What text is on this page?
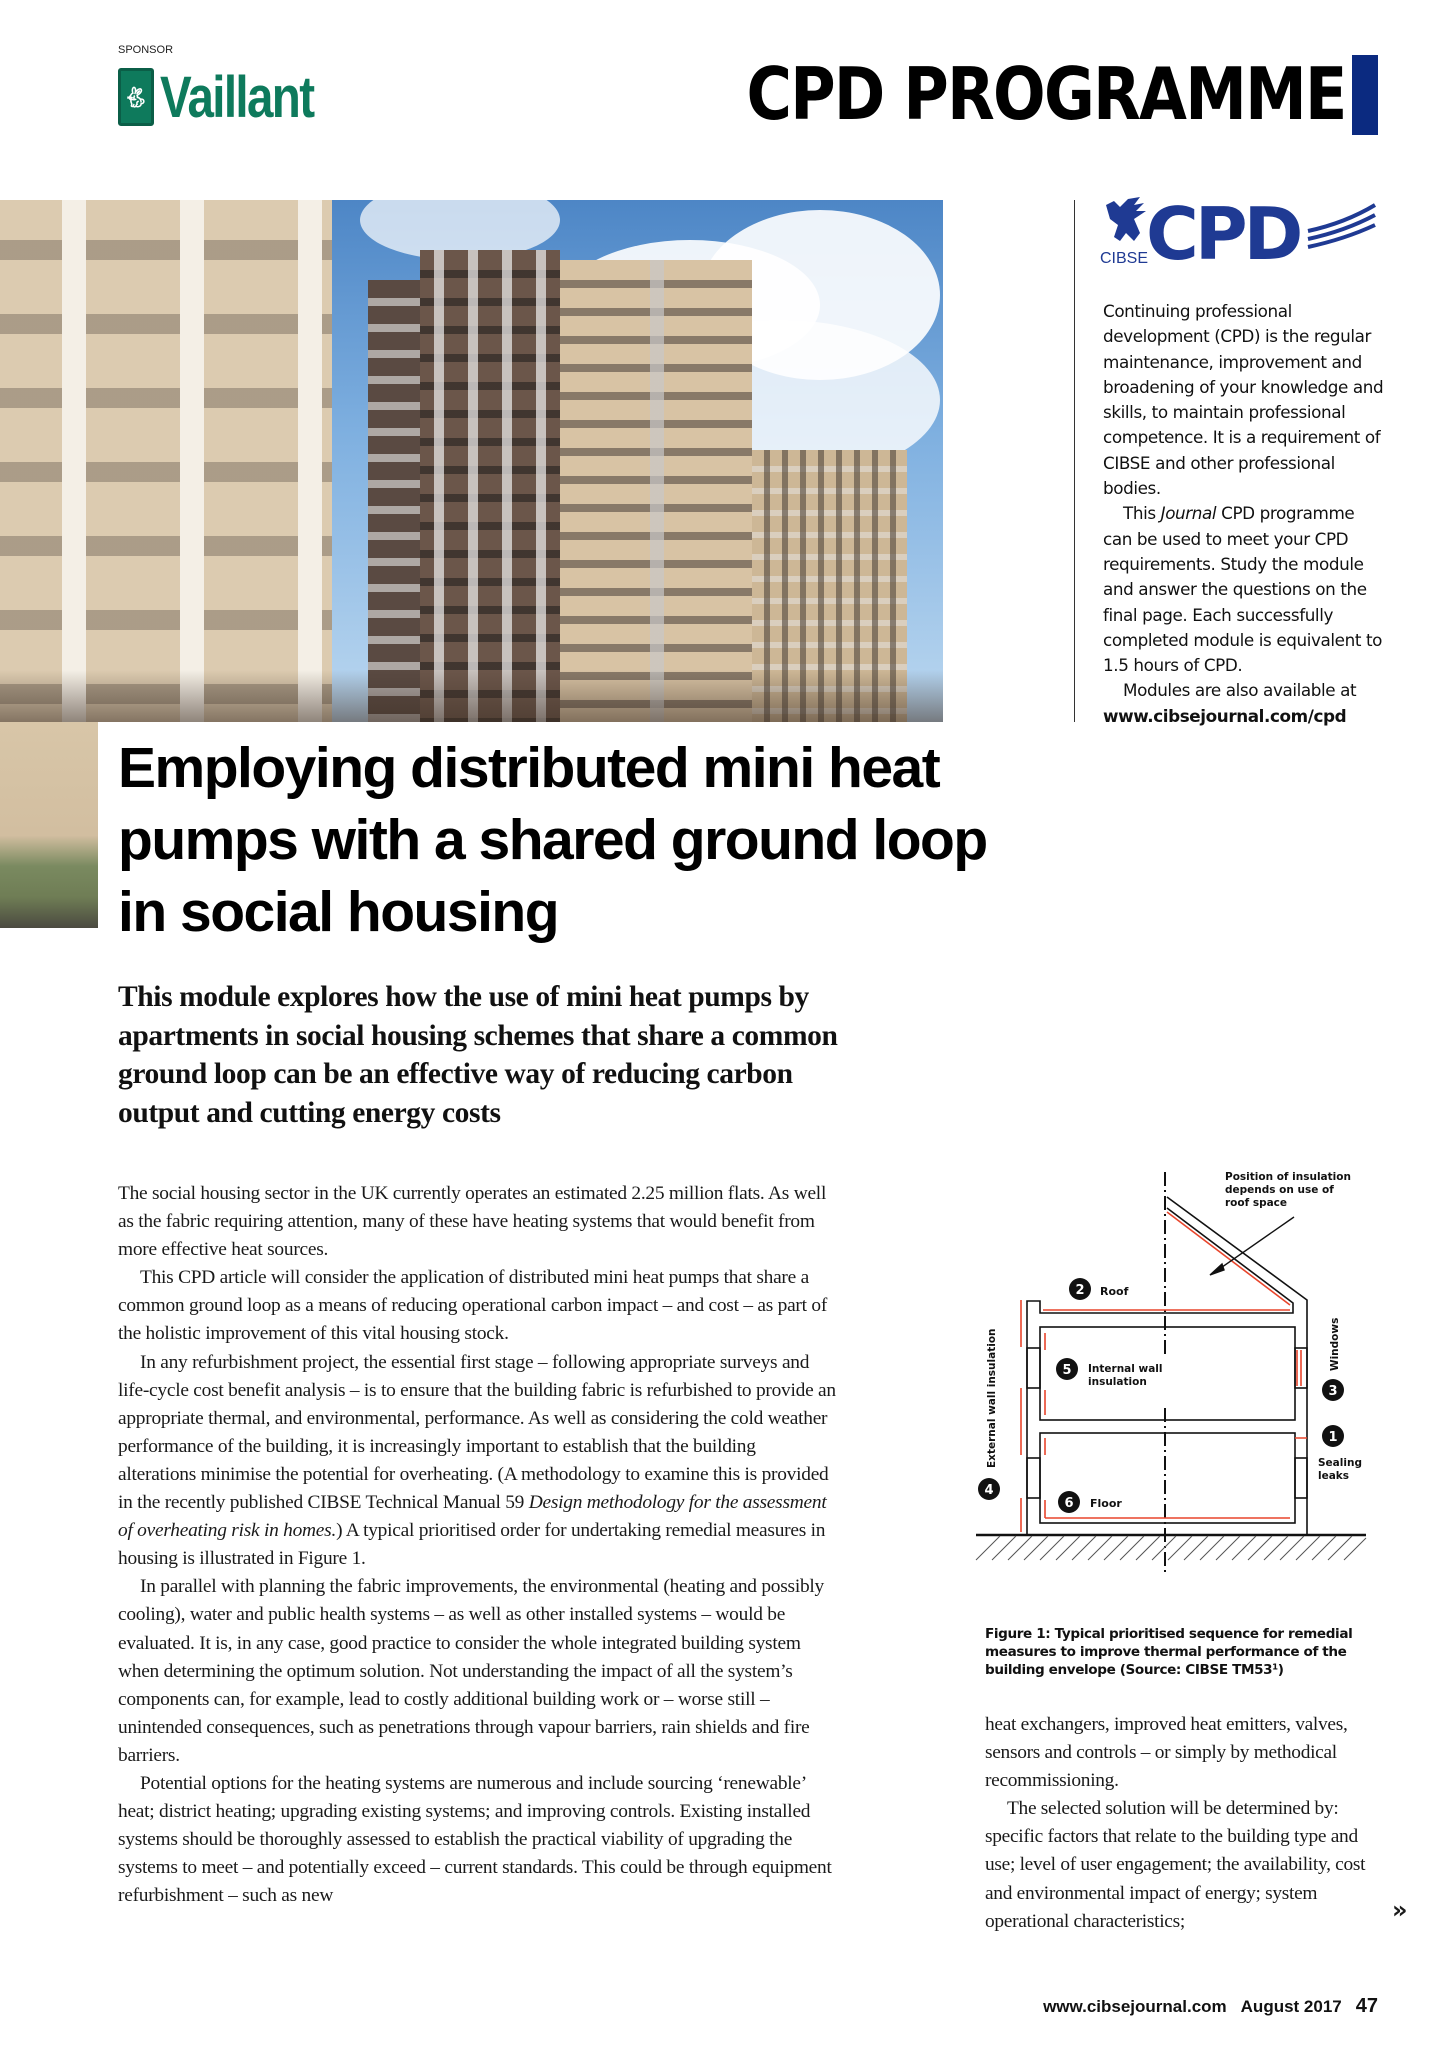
SPONSOR
🐇︎ Vaillant	CPD PROGRAMME
CIBSE
CPD

Continuing professional development (CPD) is the regular maintenance, improvement and broadening of your knowledge and skills, to maintain professional competence. It is a requirement of CIBSE and other professional bodies.

This Journal CPD programme can be used to meet your CPD requirements. Study the module and answer the questions on the final page. Each successfully completed module is equivalent to 1.5 hours of CPD.

Modules are also available at

www.cibsejournal.com/cpd

Employing distributed mini heat pumps with a shared ground loop in social housing
This module explores how the use of mini heat pumps by apartments in social housing schemes that share a common ground loop can be an effective way of reducing carbon output and cutting energy costs

The social housing sector in the UK currently operates an estimated 2.25 million flats. As well as the fabric requiring attention, many of these have heating systems that would benefit from more effective heat sources.

This CPD article will consider the application of distributed mini heat pumps that share a common ground loop as a means of reducing operational carbon impact – and cost – as part of the holistic improvement of this vital housing stock.

In any refurbishment project, the essential first stage – following appropriate surveys and life-cycle cost benefit analysis – is to ensure that the building fabric is refurbished to provide an appropriate thermal, and environmental, performance. As well as considering the cold weather performance of the building, it is increasingly important to establish that the building alterations minimise the potential for overheating. (A methodology to examine this is provided in the recently published CIBSE Technical Manual 59 Design methodology for the assessment of overheating risk in homes.) A typical prioritised order for undertaking remedial measures in housing is illustrated in Figure 1.

In parallel with planning the fabric improvements, the environmental (heating and possibly cooling), water and public health systems – as well as other installed systems – would be evaluated. It is, in any case, good practice to consider the whole integrated building system when determining the optimum solution. Not understanding the impact of all the system’s components can, for example, lead to costly additional building work or – worse still – unintended consequences, such as penetrations through vapour barriers, rain shields and fire barriers.

Potential options for the heating systems are numerous and include sourcing ‘renewable’ heat; district heating; upgrading existing systems; and improving controls. Existing installed systems should be thoroughly assessed to establish the practical viability of upgrading the systems to meet – and potentially exceed – current standards. This could be through equipment refurbishment – such as new

Position of insulation depends on use of roof space
2 Roof
5 Internal wall insulation
6 Floor
4
External wall insulation	3
Windows
1
Sealing leaks
Figure 1: Typical prioritised sequence for remedial measures to improve thermal performance of the building envelope (Source: CIBSE TM53¹)

heat exchangers, improved heat emitters, valves, sensors and controls – or simply by methodical recommissioning.

The selected solution will be determined by: specific factors that relate to the building type and use; level of user engagement; the availability, cost and environmental impact of energy; system operational characteristics;	»
www.cibsejournal.com August 2017 47
